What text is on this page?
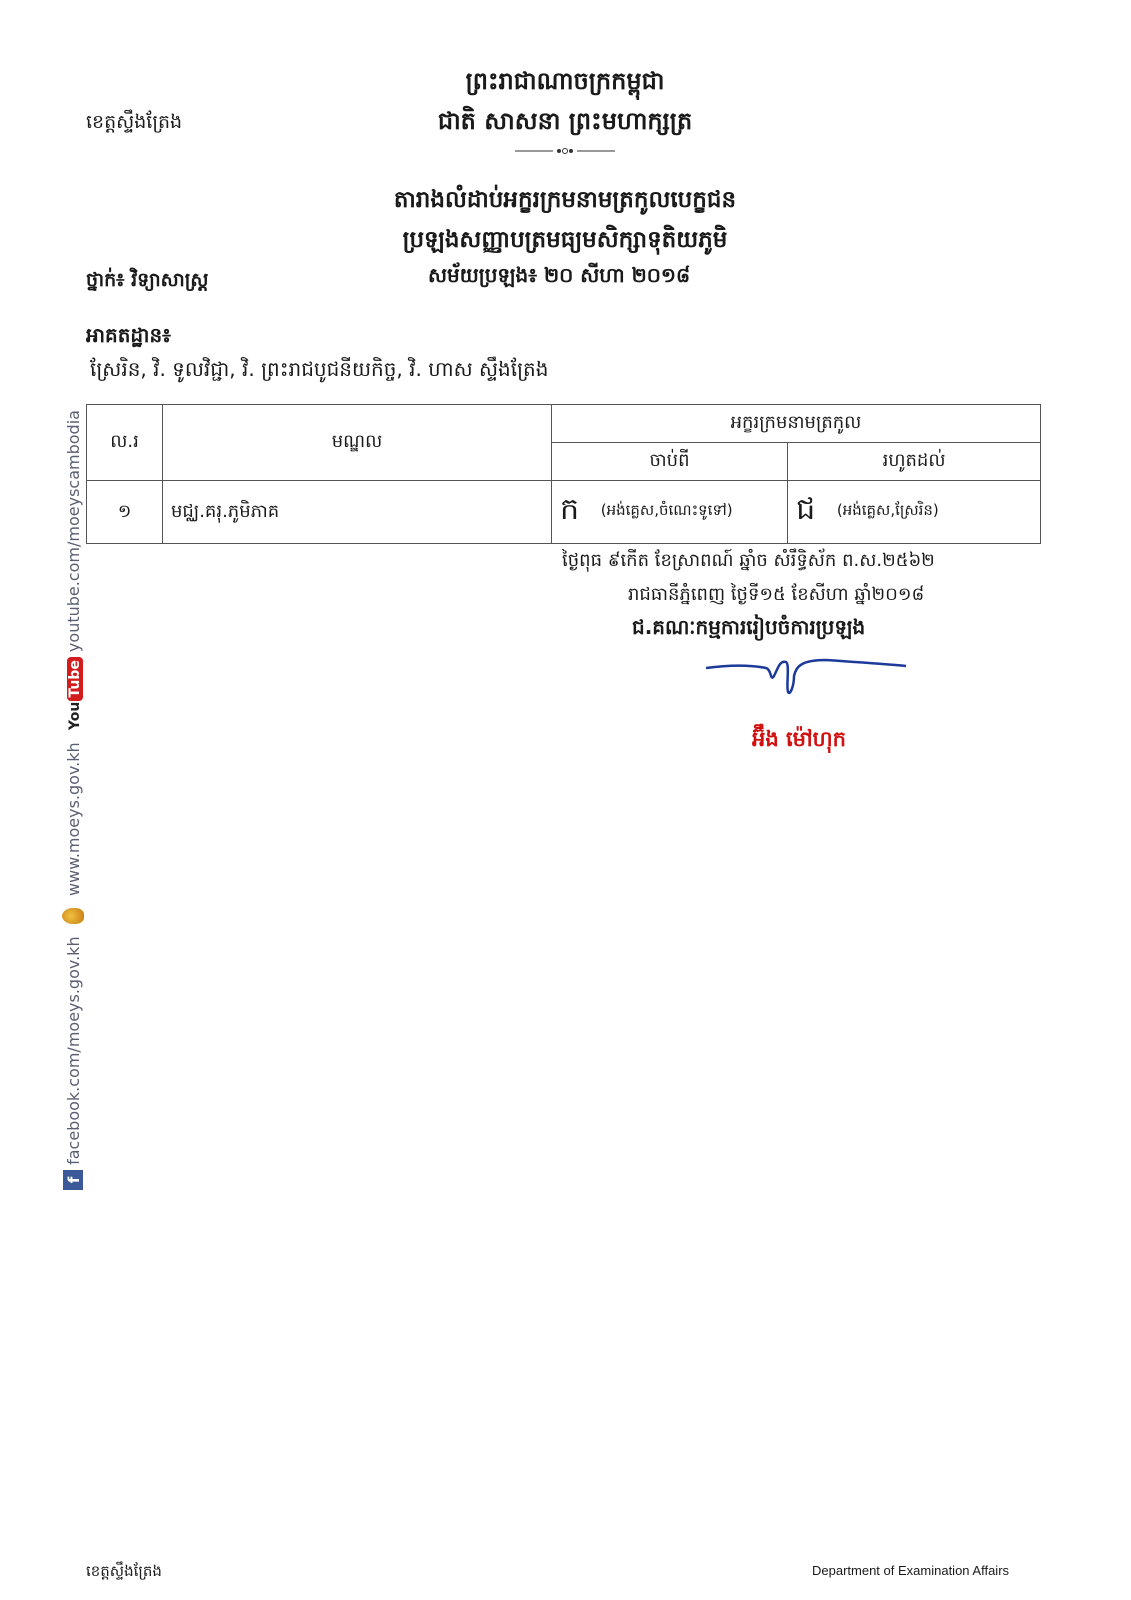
ខេត្តស្ទឹងត្រែង
ព្រះរាជាណាចក្រកម្ពុជា
ជាតិ សាសនា ព្រះមហាក្សត្រ
តារាងលំដាប់អក្ខរក្រមនាមត្រកូលបេក្ខជន
ប្រឡងសញ្ញាបត្រមធ្យមសិក្សាទុតិយភូមិ
ថ្នាក់៖ វិទ្យាសាស្ត្រ	សម័យប្រឡង៖ ២០ សីហា ២០១៨
អាគតដ្ឋាន៖
ស្រែរិន, វិ. ទូលវិជ្ជា, វិ. ព្រះរាជបូជនីយកិច្ច, វិ. ហាស ស្ទឹងត្រែង
ល.រ	មណ្ឌល	អក្ខរក្រមនាមត្រកូល	
		ចាប់ពី	រហូតដល់
១	មជ្ឈ.គរុ.ភូមិភាគ	ក (អង់គ្លេស,ចំណេះទូទៅ)	ជ (អង់គ្លេស,ស្រែរិន)
ថ្ងៃពុធ ៩កើត ខែស្រាពណ៍ ឆ្នាំច សំរឹទ្ធិស័ក ព.ស.២៥៦២
រាជធានីភ្នំពេញ ថ្ងៃទី១៥ ខែសីហា ឆ្នាំ២០១៨
ជ.គណៈកម្មការរៀបចំការប្រឡង
អ៊ឹង ម៉ៅហុក
f facebook.com/moeys.gov.kh
www.moeys.gov.kh
You
Tube
youtube.com/moeyscambodia
ខេត្តស្ទឹងត្រែង	Department of Examination Affairs
